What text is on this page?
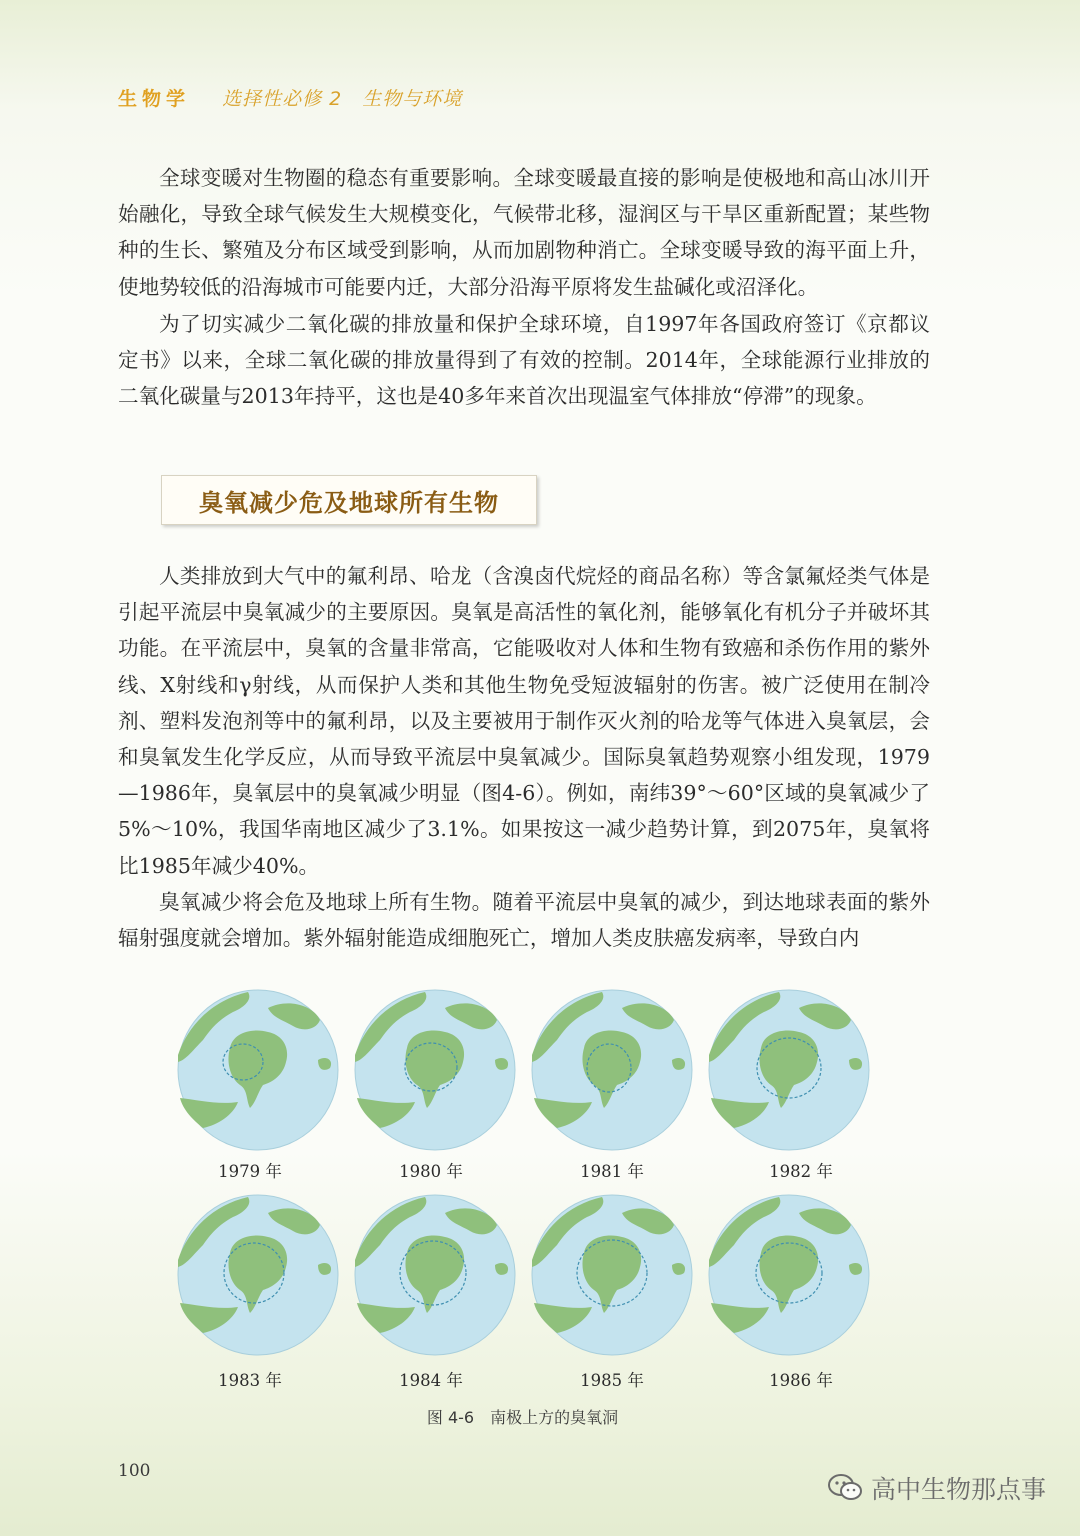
生物学 选择性必修 2　生物与环境

全球变暖对生物圈的稳态有重要影响。全球变暖最直接的影响是使极地和高山冰川开始融化，导致全球气候发生大规模变化，气候带北移，湿润区与干旱区重新配置；某些物种的生长、繁殖及分布区域受到影响，从而加剧物种消亡。全球变暖导致的海平面上升，使地势较低的沿海城市可能要内迁，大部分沿海平原将发生盐碱化或沼泽化。

为了切实减少二氧化碳的排放量和保护全球环境，自1997年各国政府签订《京都议定书》以来，全球二氧化碳的排放量得到了有效的控制。2014年，全球能源行业排放的二氧化碳量与2013年持平，这也是40多年来首次出现温室气体排放“停滞”的现象。

臭氧减少危及地球所有生物

人类排放到大气中的氟利昂、哈龙（含溴卤代烷烃的商品名称）等含氯氟烃类气体是引起平流层中臭氧减少的主要原因。臭氧是高活性的氧化剂，能够氧化有机分子并破坏其功能。在平流层中，臭氧的含量非常高，它能吸收对人体和生物有致癌和杀伤作用的紫外线、X射线和γ射线，从而保护人类和其他生物免受短波辐射的伤害。被广泛使用在制冷剂、塑料发泡剂等中的氟利昂，以及主要被用于制作灭火剂的哈龙等气体进入臭氧层，会和臭氧发生化学反应，从而导致平流层中臭氧减少。国际臭氧趋势观察小组发现，1979—1986年，臭氧层中的臭氧减少明显（图4-6）。例如，南纬39°～60°区域的臭氧减少了5%～10%，我国华南地区减少了3.1%。如果按这一减少趋势计算，到2075年，臭氧将比1985年减少40%。

臭氧减少将会危及地球上所有生物。随着平流层中臭氧的减少，到达地球表面的紫外辐射强度就会增加。紫外辐射能造成细胞死亡，增加人类皮肤癌发病率，导致白内

1979 年	1980 年	1981 年	1982 年
1983 年	1984 年	1985 年	1986 年
图 4-6 南极上方的臭氧洞
100
高中生物那点事
